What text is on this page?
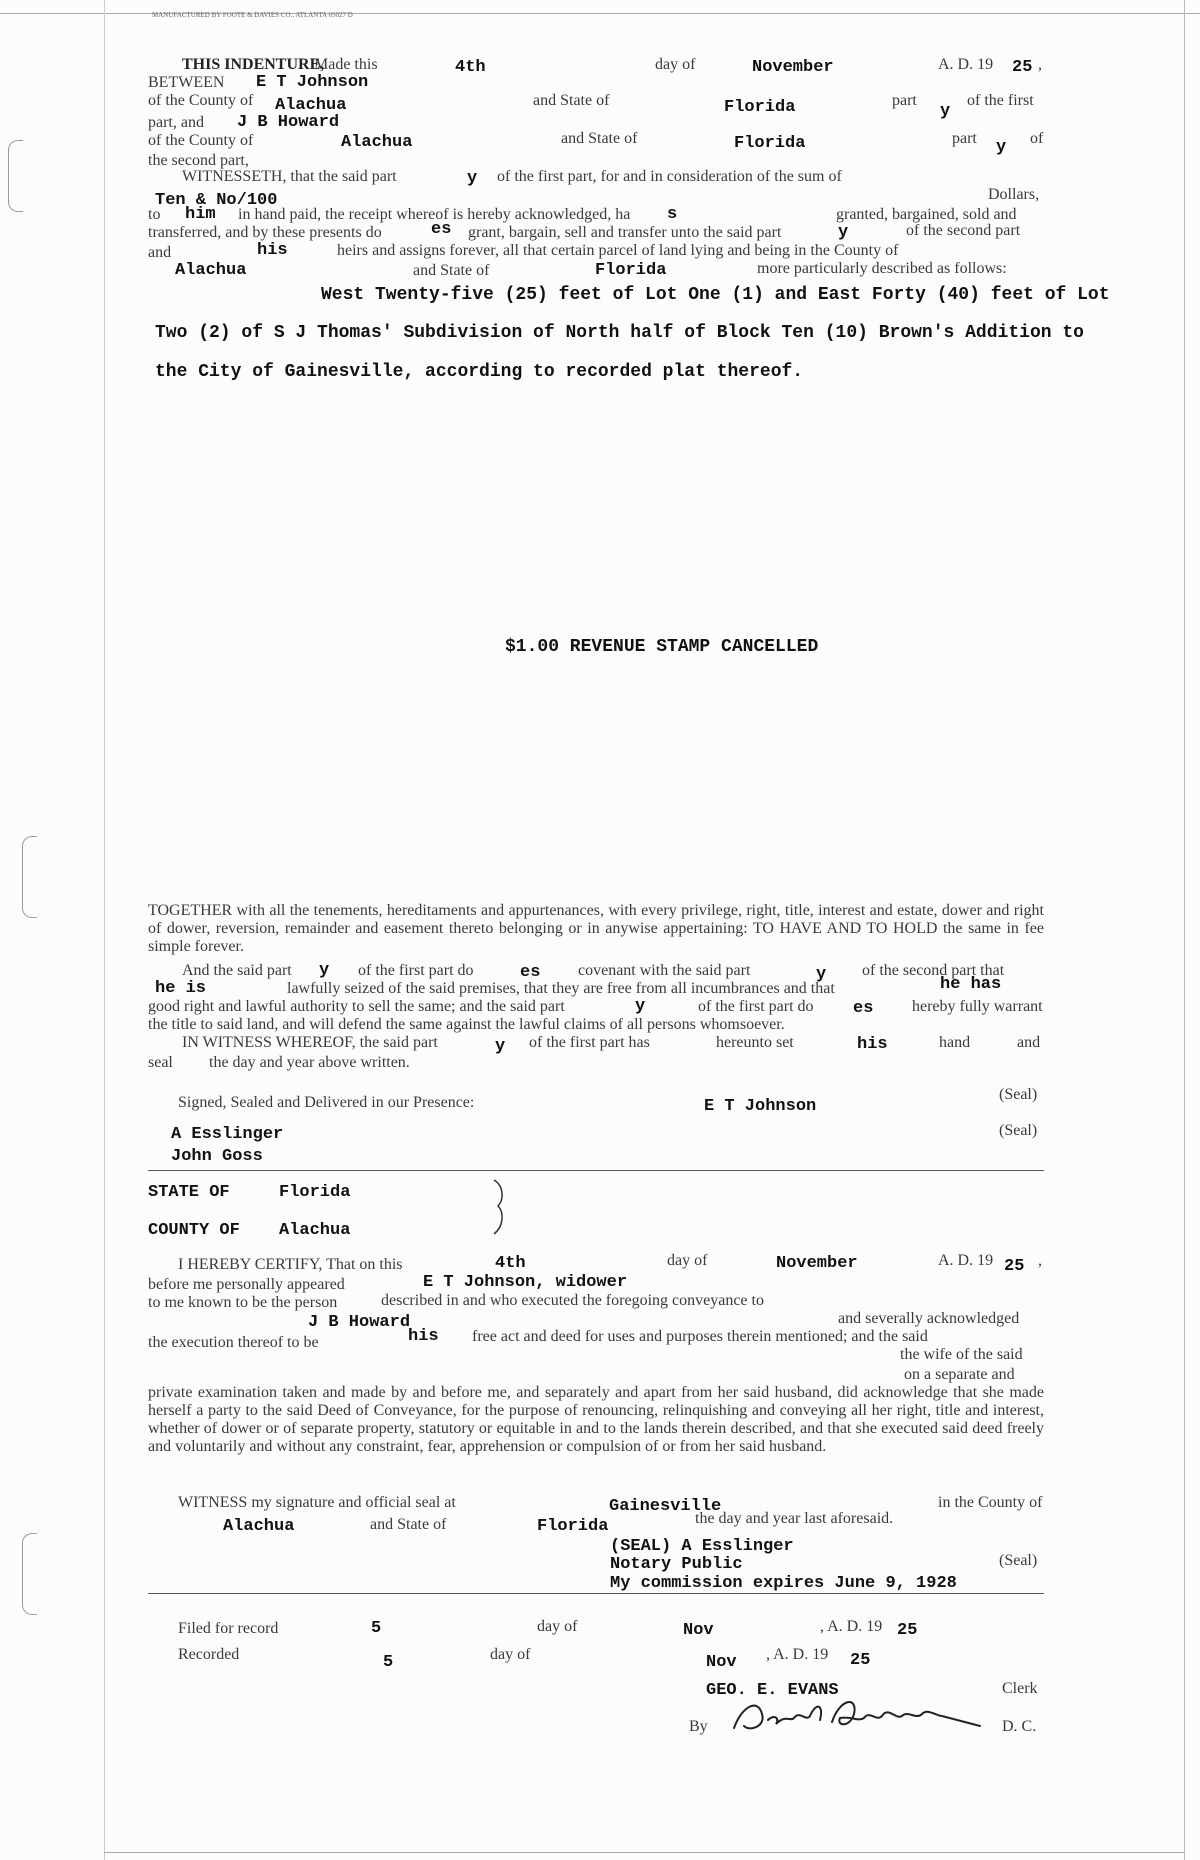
MANUFACTURED BY FOOTE & DAVIES CO., ATLANTA 65027 D
THIS INDENTURE,
Made this	4th	day of	November	A. D. 19 25 ,
BETWEEN E T Johnson
of the County of Alachua	and State of	Florida	part
y
of the first
part, and J B Howard
of the County of	Alachua	and State of	Florida	part y of
the second part,
WITNESSETH, that the said part	y of the first part, for and in consideration of the sum of
Ten & No/100	Dollars,
to him in hand paid, the receipt whereof is hereby acknowledged, ha s	granted, bargained, sold and
transferred, and by these presents do	es grant, bargain, sell and transfer unto the said part	y	of the second part
and	his	heirs and assigns forever, all that certain parcel of land lying and being in the County of
Alachua	and State of	Florida	more particularly described as follows:
West Twenty-five (25) feet of Lot One (1) and East Forty (40) feet of Lot
Two (2) of S J Thomas' Subdivision of North half of Block Ten (10) Brown's Addition to
the City of Gainesville, according to recorded plat thereof.
$1.00 REVENUE STAMP CANCELLED
TOGETHER with all the tenements, hereditaments and appurtenances, with every privilege, right, title, interest and estate, dower and right of dower, reversion, remainder and easement thereto belonging or in anywise appertaining: TO HAVE AND TO HOLD the same in fee simple forever.
And the said part y of the first part do	es covenant with the said part	y of the second part that
he is	lawfully seized of the said premises, that they are free from all incumbrances and that	he has
good right and lawful authority to sell the same; and the said part	y	of the first part do es hereby fully warrant
the title to said land, and will defend the same against the lawful claims of all persons whomsoever.
IN WITNESS WHEREOF, the said part	y of the first part has	hereunto set	his	hand	and
seal the day and year above written.
Signed, Sealed and Delivered in our Presence:	E T Johnson
(Seal)
A Esslinger	(Seal)
John Goss
STATE OF	Florida
COUNTY OF Alachua
I HEREBY CERTIFY, That on this	4th	day of	November	A. D. 19 25 ,
before me personally appeared	E T Johnson, widower
to me known to be the person	described in and who executed the foregoing conveyance to
J B Howard	and severally acknowledged
the execution thereof to be	his free act and deed for uses and purposes therein mentioned; and the said
the wife of the said
on a separate and
private examination taken and made by and before me, and separately and apart from her said husband, did acknowledge that she made herself a party to the said Deed of Conveyance, for the purpose of renouncing, relinquishing and conveying all her right, title and interest, whether of dower or of separate property, statutory or equitable in and to the lands therein described, and that she executed said deed freely and voluntarily and without any constraint, fear, apprehension or compulsion of or from her said husband.
WITNESS my signature and official seal at	Gainesville	in the County of
Alachua	and State of	Florida	the day and year last aforesaid.
(SEAL) A Esslinger
Notary Public	(Seal)
My commission expires June 9, 1928
Filed for record	5	day of	Nov	, A. D. 19 25
Recorded	5	day of	Nov , A. D. 19 25
GEO. E. EVANS	Clerk
By	D. C.
